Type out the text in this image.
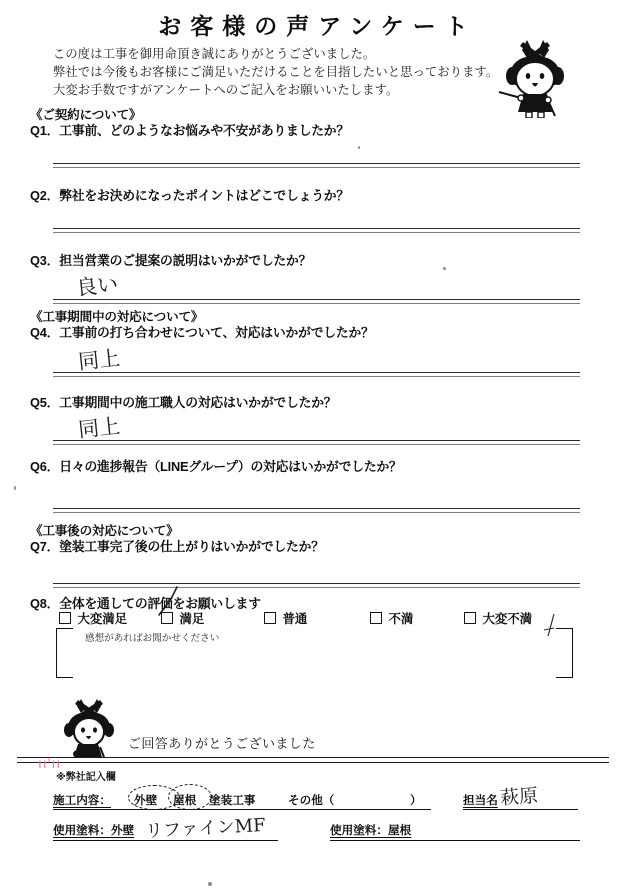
お客様の声アンケート
この度は工事を御用命頂き誠にありがとうございました。
弊社では今後もお客様にご満足いただけることを目指したいと思っております。
大変お手数ですがアンケートへのご記入をお願いいたします。
《ご契約について》
Q1．工事前、どのようなお悩みや不安がありましたか？
Q2．弊社をお決めになったポイントはどこでしょうか？
Q3．担当営業のご提案の説明はいかがでしたか？
良い
《工事期間中の対応について》
Q4．工事前の打ち合わせについて、対応はいかがでしたか？
同上
Q5．工事期間中の施工職人の対応はいかがでしたか？
同上
Q6．日々の進捗報告（LINEグループ）の対応はいかがでしたか？
《工事後の対応について》
Q7．塗装工事完了後の仕上がりはいかがでしたか？
Q8．全体を通しての評価をお願いします
大変満足	満足	普通	不満	大変不満
感想があればお聞かせください
ご回答ありがとうございました
ıı'ıı
※弊社記入欄
施工内容： 外壁 屋根 塗装工事	その他（	）	担当名 萩原
使用塗料：外壁 リファインMF	使用塗料：屋根
